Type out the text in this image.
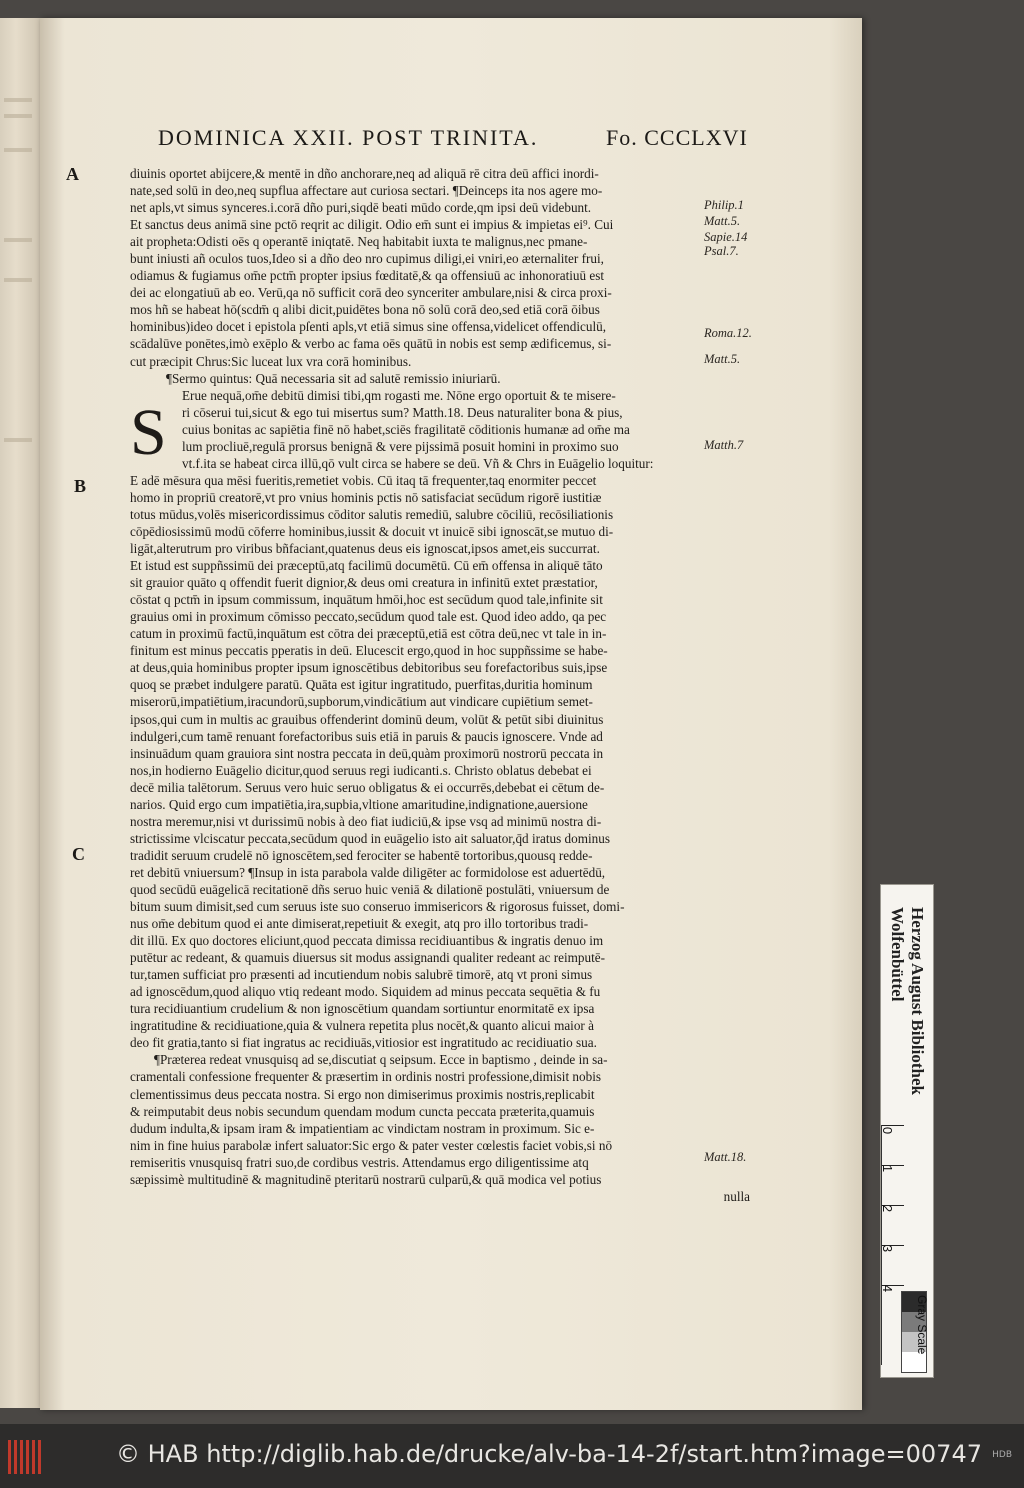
DOMINICA XXII. POST TRINITA.	Fo. CCCLXVI
A
B
C
S
diuinis oportet abijcere,& mentē in dño anchorare,neq ad aliquā rē citra deū affici inordi-
nate,sed solū in deo,neq supflua affectare aut curiosa sectari. ¶Deinceps ita nos agere mo-
net apls,vt simus synceres.i.corā dño puri,siqdē beati mūdo corde,qm ipsi deū videbunt.
Et sanctus deus animā sine pctō reqrit ac diligit. Odio em̄ sunt ei impius & impietas ei⁹. Cui
ait propheta:Odisti oēs q operantē iniqtatē. Neq habitabit iuxta te malignus,nec pmane-
bunt iniusti añ oculos tuos,Ideo si a dño deo nro cupimus diligi,ei vniri,eo æternaliter frui,
odiamus & fugiamus om̄e pctm̄ propter ipsius fœditatē,& qa offensiuū ac inhonoratiuū est
dei ac elongatiuū ab eo. Verū,qa nō sufficit corā deo synceriter ambulare,nisi & circa proxi-
mos hñ se habeat hō(scdm̄ q alibi dicit,puidētes bona nō solū corā deo,sed etiā corā ōibus
hominibus)ideo docet i epistola pſenti apls,vt etiā simus sine offensa,videlicet offendiculū,
scādalūve ponētes,imò exēplo & verbo ac fama oēs quātū in nobis est semp ædificemus, si-
cut præcipit Chrus:Sic luceat lux vra corā hominibus.
¶Sermo quintus: Quā necessaria sit ad salutē remissio iniuriarū.
Erue nequā,om̄e debitū dimisi tibi,qm rogasti me. Nōne ergo oportuit & te misere-
ri cōserui tui,sicut & ego tui misertus sum? Matth.18. Deus naturaliter bona & pius,
cuius bonitas ac sapiētia finē nō habet,sciēs fragilitatē cōditionis humanæ ad om̄e ma
lum procliuē,regulā prorsus benignā & vere pijssimā posuit homini in proximo suo
vt.f.ita se habeat circa illū,qō vult circa se habere se deū. Vñ & Chrs in Euāgelio loquitur:
E adē mēsura qua mēsi fueritis,remetiet vobis. Cū itaq tā frequenter,taq enormiter peccet
homo in propriū creatorē,vt pro vnius hominis pctis nō satisfaciat secūdum rigorē iustitiæ
totus mūdus,volēs misericordissimus cōditor salutis remediū, salubre cōciliū, recōsiliationis
cōpēdiosissimū modū cōferre hominibus,iussit & docuit vt inuicē sibi ignoscāt,se mutuo di-
ligāt,alterutrum pro viribus bñfaciant,quatenus deus eis ignoscat,ipsos amet,eis succurrat.
Et istud est suppñssimū dei præceptū,atq facilimū documētū. Cū em̄ offensa in aliquē tāto
sit grauior quāto q offendit fuerit dignior,& deus omi creatura in infinitū extet præstatior,
cōstat q pctm̄ in ipsum commissum, inquātum hmōi,hoc est secūdum quod tale,infinite sit
grauius omi in proximum cōmisso peccato,secūdum quod tale est. Quod ideo addo, qa pec
catum in proximū factū,inquātum est cōtra dei præceptū,etiā est cōtra deū,nec vt tale in in-
finitum est minus peccatis pperatis in deū. Elucescit ergo,quod in hoc suppñssime se habe-
at deus,quia hominibus propter ipsum ignoscētibus debitoribus seu forefactoribus suis,ipse
quoq se præbet indulgere paratū. Quāta est igitur ingratitudo, puerfitas,duritia hominum
miserorū,impatiētium,iracundorū,supborum,vindicātium aut vindicare cupiētium semet-
ipsos,qui cum in multis ac grauibus offenderint dominū deum, volūt & petūt sibi diuinitus
indulgeri,cum tamē renuant forefactoribus suis etiā in paruis & paucis ignoscere. Vnde ad
insinuādum quam grauiora sint nostra peccata in deū,quàm proximorū nostrorū peccata in
nos,in hodierno Euāgelio dicitur,quod seruus regi iudicanti.s. Christo oblatus debebat ei
decē milia talētorum. Seruus vero huic seruo obligatus & ei occurrēs,debebat ei cētum de-
narios. Quid ergo cum impatiētia,ira,supbia,vltione amaritudine,indignatione,auersione
nostra meremur,nisi vt durissimū nobis à deo fiat iudiciū,& ipse vsq ad minimū nostra di-
strictissime vlciscatur peccata,secūdum quod in euāgelio isto ait saluator,q̄d iratus dominus
tradidit seruum crudelē nō ignoscētem,sed ferociter se habentē tortoribus,quousq redde-
ret debitū vniuersum? ¶Insup in ista parabola valde diligēter ac formidolose est aduertēdū,
quod secūdū euāgelicā recitationē dñs seruo huic veniā & dilationē postulāti, vniuersum de
bitum suum dimisit,sed cum seruus iste suo conseruo immisericors & rigorosus fuisset, domi-
nus om̄e debitum quod ei ante dimiserat,repetiuit & exegit, atq pro illo tortoribus tradi-
dit illū. Ex quo doctores eliciunt,quod peccata dimissa recidiuantibus & ingratis denuo im
putētur ac redeant, & quamuis diuersus sit modus assignandi qualiter redeant ac reimputē-
tur,tamen sufficiat pro præsenti ad incutiendum nobis salubrē timorē, atq vt proni simus
ad ignoscēdum,quod aliquo vtiq redeant modo. Siquidem ad minus peccata sequētia & fu
tura recidiuantium crudelium & non ignoscētium quandam sortiuntur enormitatē ex ipsa
ingratitudine & recidiuatione,quia & vulnera repetita plus nocēt,& quanto alicui maior à
deo fit gratia,tanto si fiat ingratus ac recidiuās,vitiosior est ingratitudo ac recidiuatio sua.
¶Præterea redeat vnusquisq ad se,discutiat q seipsum. Ecce in baptismo , deinde in sa-
cramentali confessione frequenter & præsertim in ordinis nostri professione,dimisit nobis
clementissimus deus peccata nostra. Si ergo non dimiserimus proximis nostris,replicabit
& reimputabit deus nobis secundum quendam modum cuncta peccata præterita,quamuis
dudum indulta,& ipsam iram & impatientiam ac vindictam nostram in proximum. Sic e-
nim in fine huius parabolæ infert saluator:Sic ergo & pater vester cœlestis faciet vobis,si nō
remiseritis vnusquisq fratri suo,de cordibus vestris. Attendamus ergo diligentissime atq
sæpissimè multitudinē & magnitudinē pteritarū nostrarū culparū,& quā modica vel potius
nulla
Philip.1
Matt.5.
Sapie.14
Psal.7.
Roma.12.
Matt.5.
Matth.7
Matt.18.
Herzog August Bibliothek
Wolfenbüttel
0
1
2
3
4
Gray Scale
© HAB http://diglib.hab.de/drucke/alv-ba-14-2f/start.htm?image=00747 HDB
